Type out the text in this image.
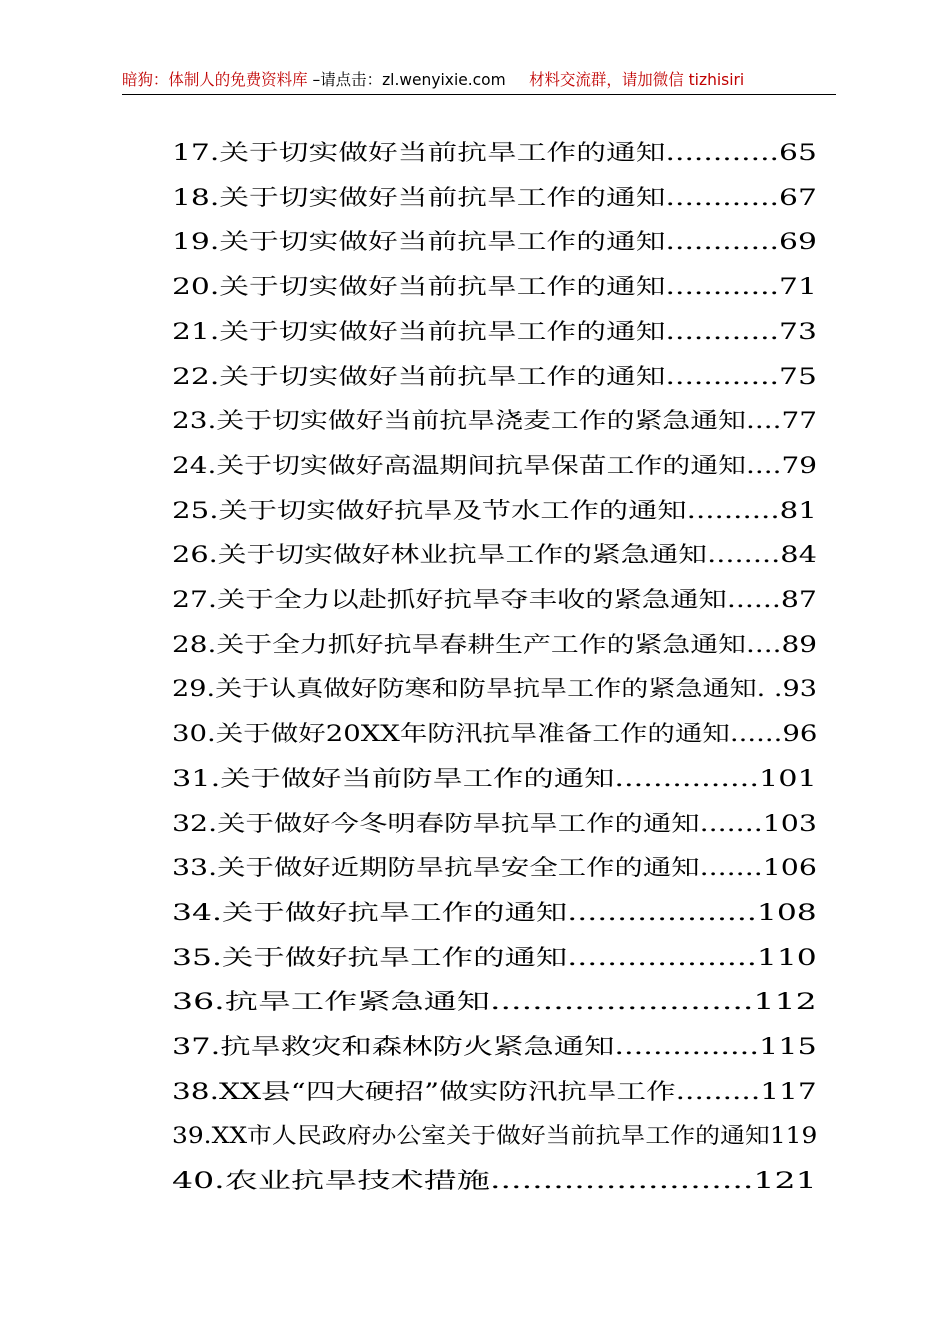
暗狗：体制人的免费资料库 –请点击：zl.wenyixie.com 材料交流群，请加微信 tizhisiri
17.关于切实做好当前抗旱工作的通知............65
18.关于切实做好当前抗旱工作的通知............67
19.关于切实做好当前抗旱工作的通知............69
20.关于切实做好当前抗旱工作的通知............71
21.关于切实做好当前抗旱工作的通知............73
22.关于切实做好当前抗旱工作的通知............75
23.关于切实做好当前抗旱浇麦工作的紧急通知....77
24.关于切实做好高温期间抗旱保苗工作的通知....79
25.关于切实做好抗旱及节水工作的通知..........81
26.关于切实做好林业抗旱工作的紧急通知........84
27.关于全力以赴抓好抗旱夺丰收的紧急通知......87
28.关于全力抓好抗旱春耕生产工作的紧急通知....89
29.关于认真做好防寒和防旱抗旱工作的紧急通知. .93
30.关于做好20XX年防汛抗旱准备工作的通知......96
31.关于做好当前防旱工作的通知...............101
32.关于做好今冬明春防旱抗旱工作的通知.......103
33.关于做好近期防旱抗旱安全工作的通知.......106
34.关于做好抗旱工作的通知...................108
35.关于做好抗旱工作的通知...................110
36.抗旱工作紧急通知.........................112
37.抗旱救灾和森林防火紧急通知...............115
38.XX县“四大硬招”做实防汛抗旱工作.........117
39.XX市人民政府办公室关于做好当前抗旱工作的通知119
40.农业抗旱技术措施.........................121
